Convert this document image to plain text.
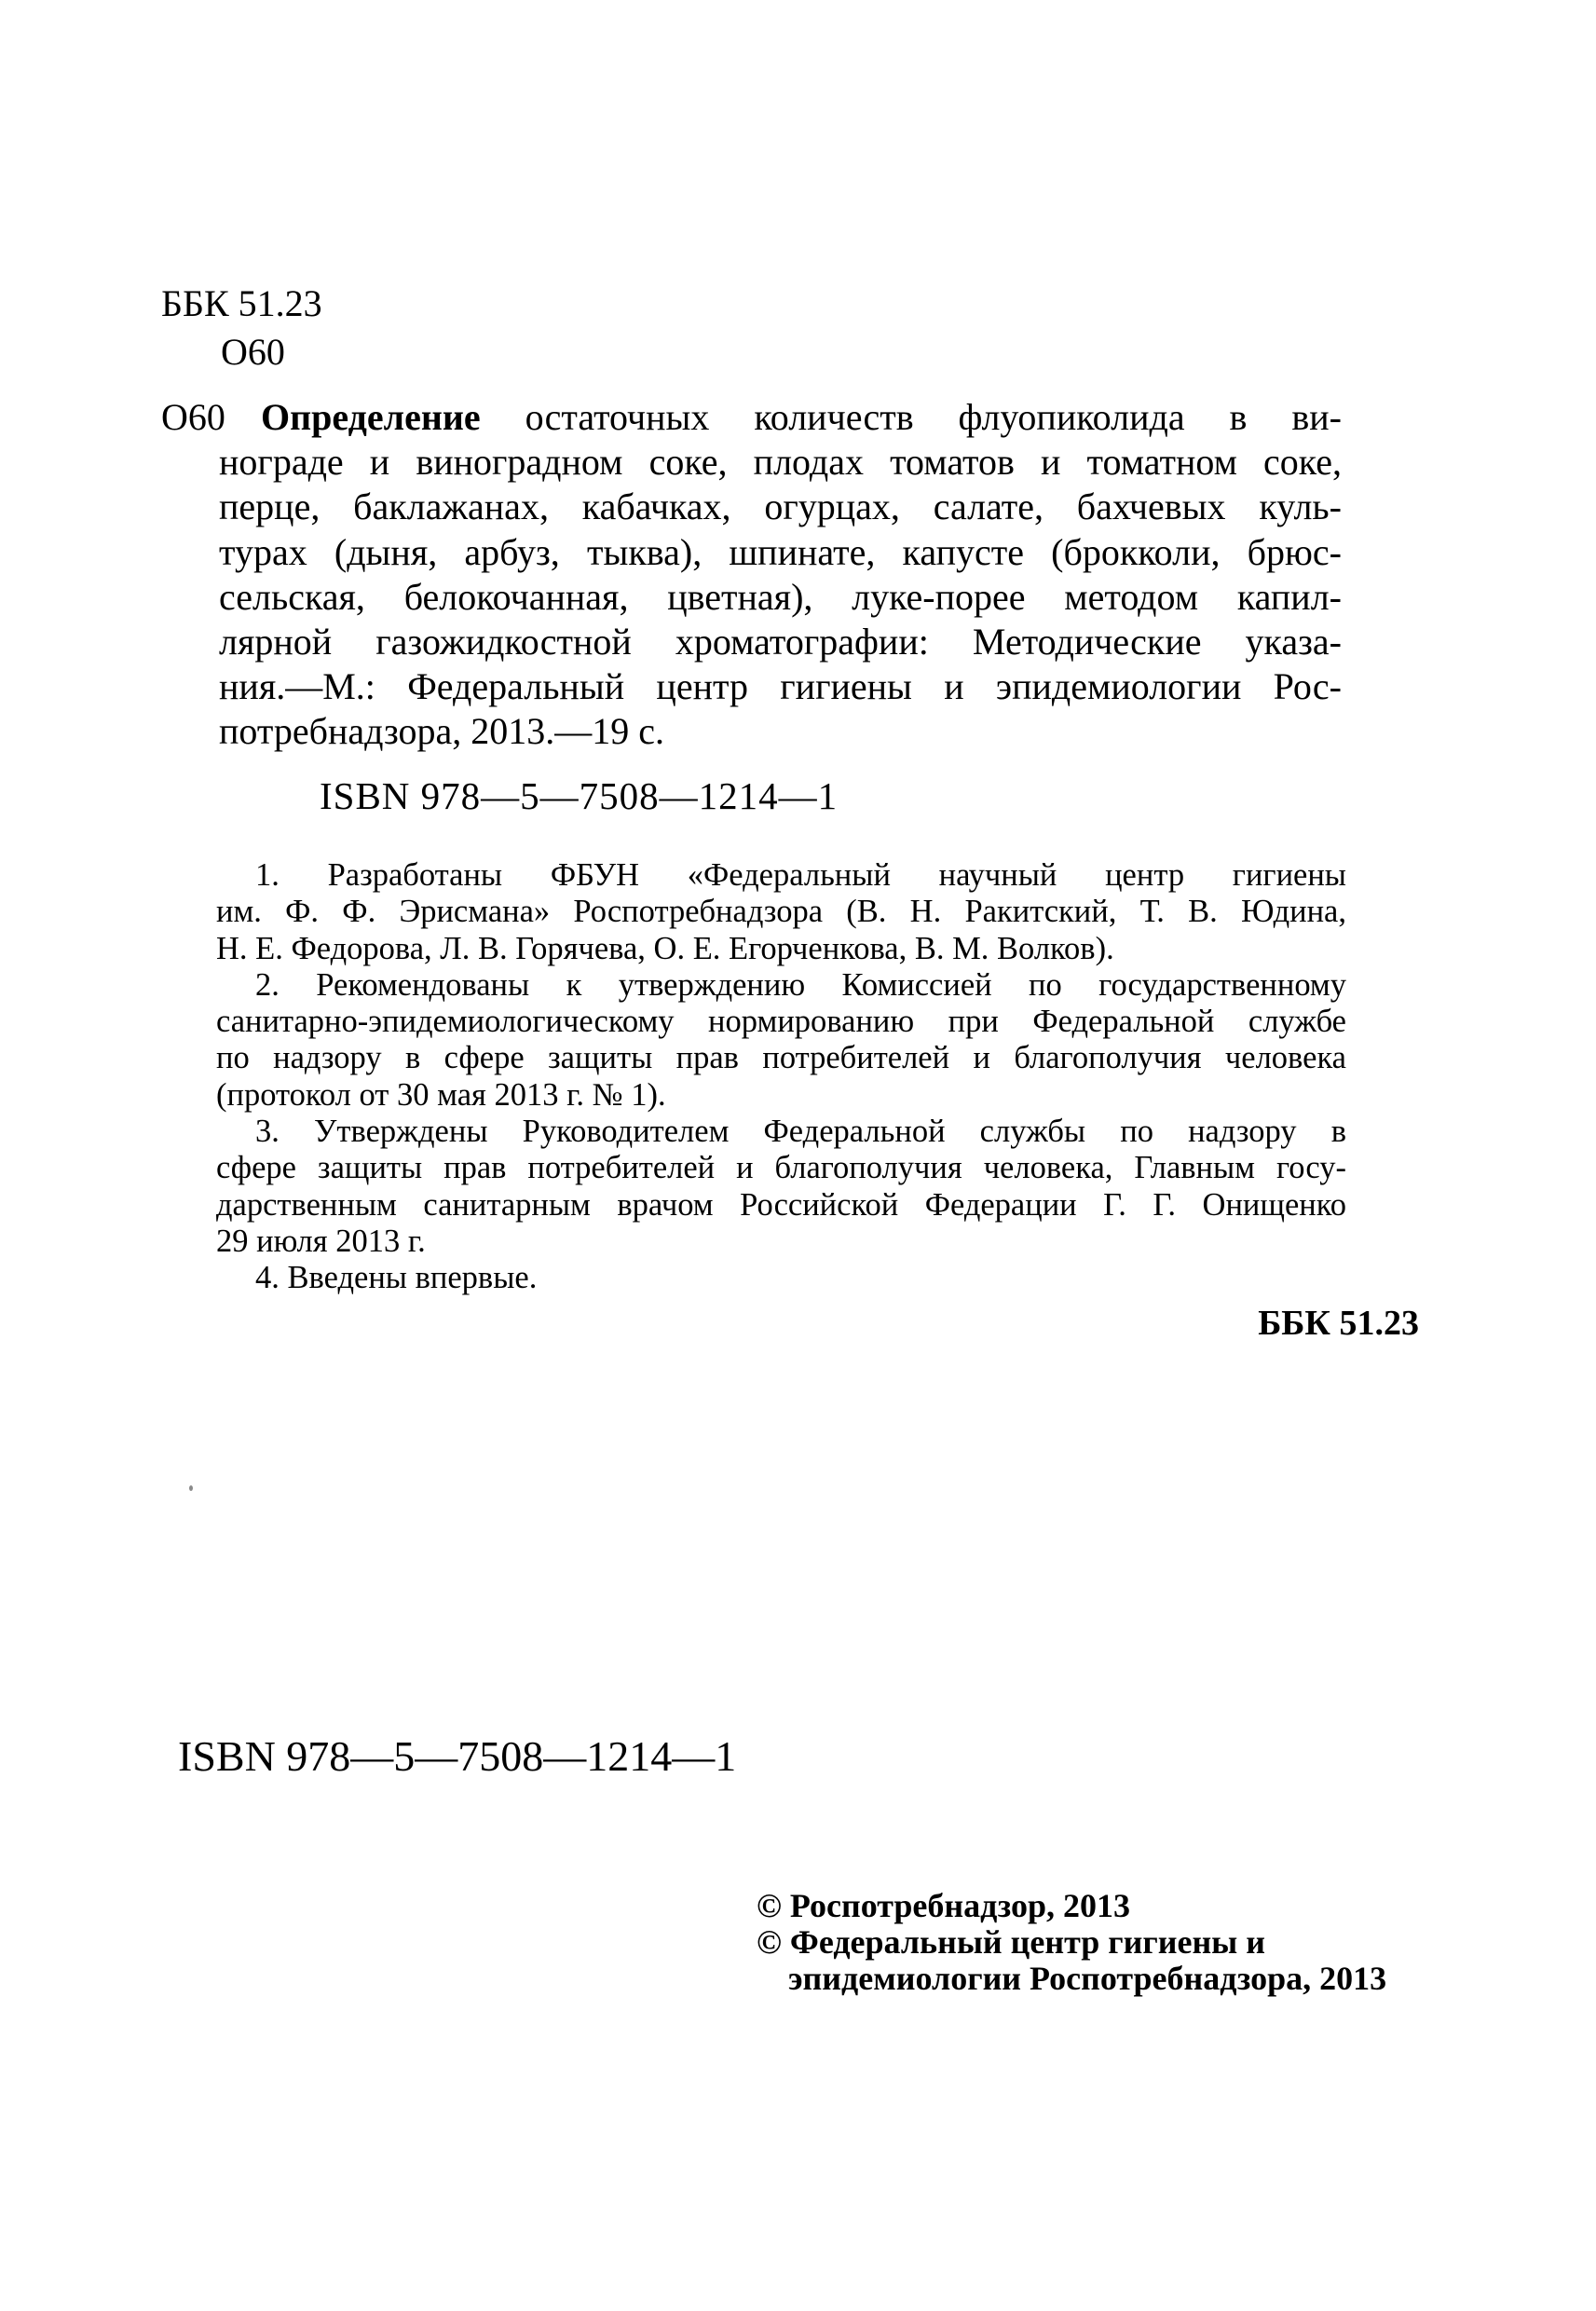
ББК 51.23
О60
О60 Определение остаточных количеств флуопиколида в ви-
нограде и виноградном соке, плодах томатов и томатном соке,
перце, баклажанах, кабачках, огурцах, салате, бахчевых куль-
турах (дыня, арбуз, тыква), шпинате, капусте (брокколи, брюс-
сельская, белокочанная, цветная), луке-порее методом капил-
лярной газожидкостной хроматографии: Методические указа-
ния.—М.: Федеральный центр гигиены и эпидемиологии Рос-
потребнадзора, 2013.—19 с.
ISBN 978—5—7508—1214—1
1. Разработаны ФБУН «Федеральный научный центр гигиены
им. Ф. Ф. Эрисмана» Роспотребнадзора (В. Н. Ракитский, Т. В. Юдина,
Н. Е. Федорова, Л. В. Горячева, О. Е. Егорченкова, В. М. Волков).
2. Рекомендованы к утверждению Комиссией по государственному
санитарно-эпидемиологическому нормированию при Федеральной службе
по надзору в сфере защиты прав потребителей и благополучия человека
(протокол от 30 мая 2013 г. № 1).
3. Утверждены Руководителем Федеральной службы по надзору в
сфере защиты прав потребителей и благополучия человека, Главным госу-
дарственным санитарным врачом Российской Федерации Г. Г. Онищенко
29 июля 2013 г.
4. Введены впервые.
ББК 51.23
ISBN 978—5—7508—1214—1
© Роспотребнадзор, 2013
© Федеральный центр гигиены и
эпидемиологии Роспотребнадзора, 2013
